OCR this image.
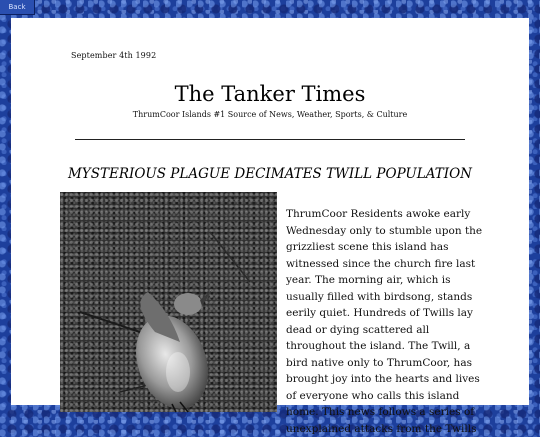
Back
September 4th 1992
The Tanker Times
ThrumCoor Islands #1 Source of News, Weather, Sports, & Culture
MYSTERIOUS PLAGUE DECIMATES TWILL POPULATION

ThrumCoor Residents awoke early Wednesday only to stumble upon the grizzliest scene this island has witnessed since the church fire last year. The morning air, which is usually filled with birdsong, stands eerily quiet. Hundreds of Twills lay dead or dying scattered all throughout the island. The Twill, a bird native only to ThrumCoor, has brought joy into the hearts and lives of everyone who calls this island home. This news follows a series of unexplained attacks from the Twills
